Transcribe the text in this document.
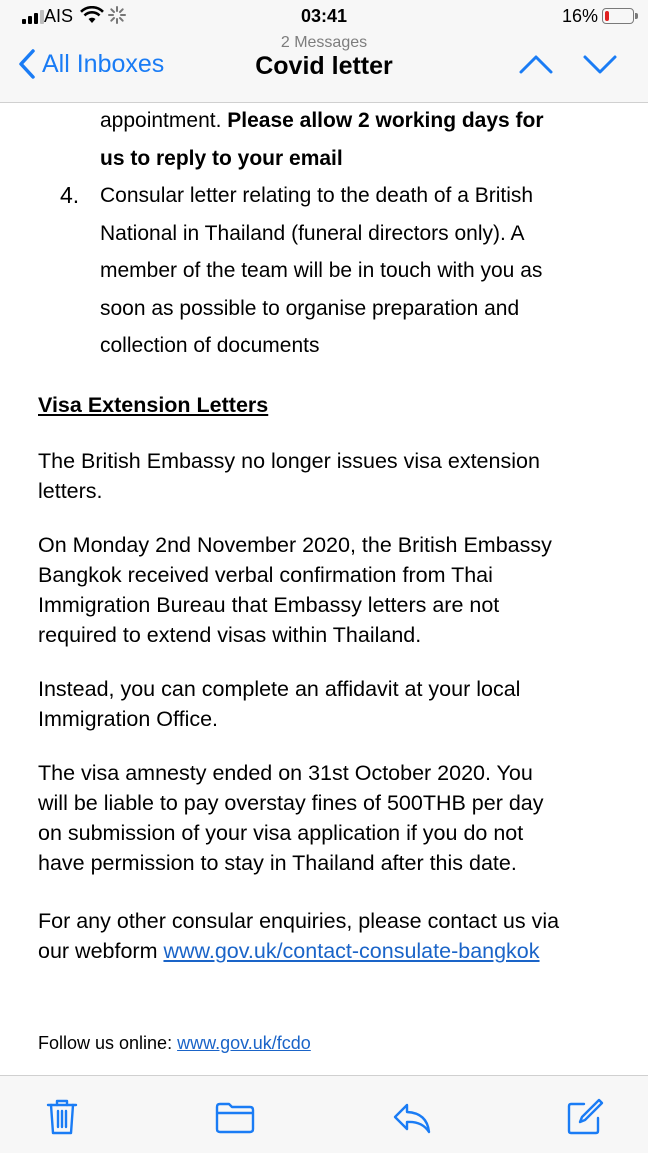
AIS	03:41	16%
All Inboxes
2 Messages
Covid letter
appointment. Please allow 2 working days for
us to reply to your email
4. Consular letter relating to the death of a British
National in Thailand (funeral directors only). A
member of the team will be in touch with you as
soon as possible to organise preparation and
collection of documents
Visa Extension Letters
The British Embassy no longer issues visa extension
letters.
On Monday 2nd November 2020, the British Embassy
Bangkok received verbal confirmation from Thai
Immigration Bureau that Embassy letters are not
required to extend visas within Thailand.
Instead, you can complete an affidavit at your local
Immigration Office.
The visa amnesty ended on 31st October 2020. You
will be liable to pay overstay fines of 500THB per day
on submission of your visa application if you do not
have permission to stay in Thailand after this date.
For any other consular enquiries, please contact us via
our webform www.gov.uk/contact-consulate-bangkok
Follow us online: www.gov.uk/fcdo
